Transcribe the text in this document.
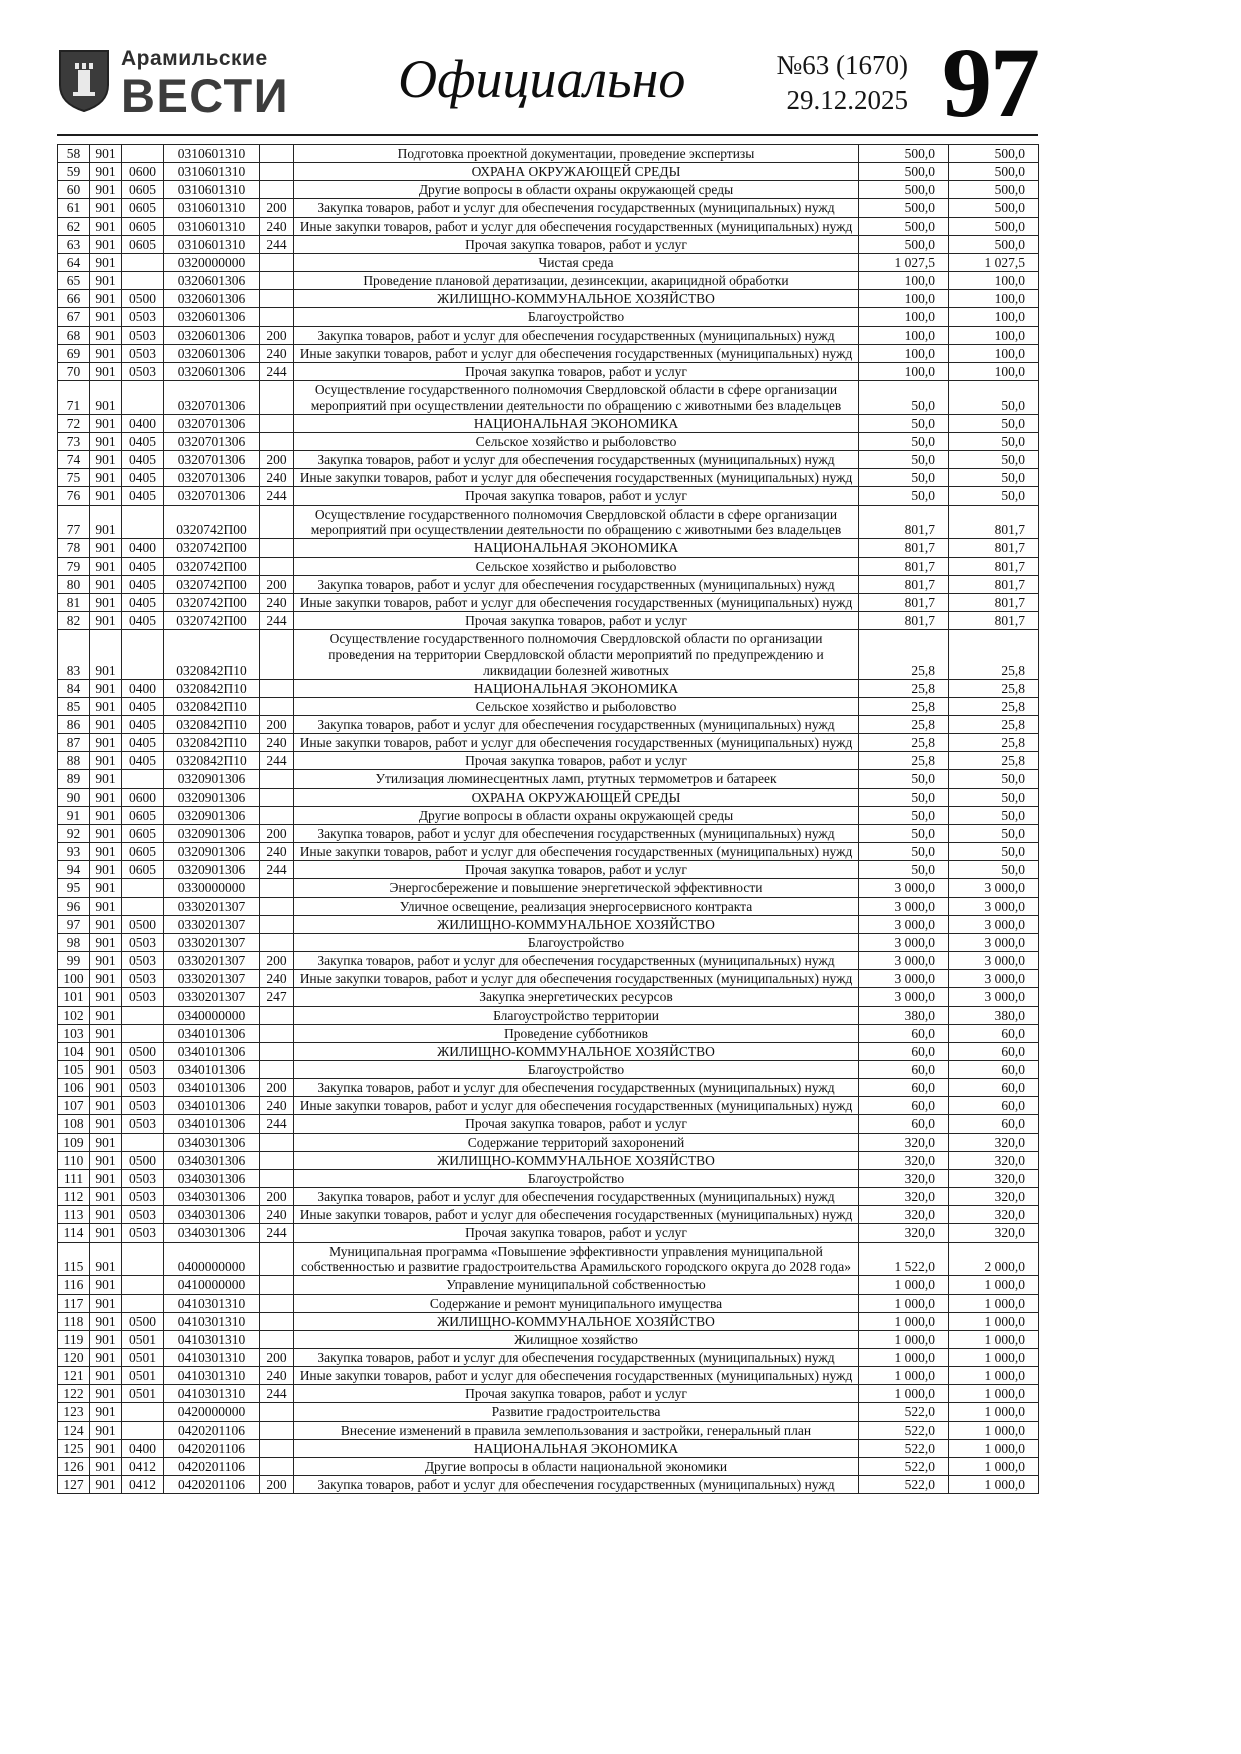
Арамильские
ВЕСТИ	Официально	№63 (1670)
29.12.2025 97
58	901		0310601310		Подготовка проектной документации, проведение экспертизы	500,0	500,0
59	901	0600	0310601310		ОХРАНА ОКРУЖАЮЩЕЙ СРЕДЫ	500,0	500,0
60	901	0605	0310601310		Другие вопросы в области охраны окружающей среды	500,0	500,0
61	901	0605	0310601310	200	Закупка товаров, работ и услуг для обеспечения государственных (муниципальных) нужд	500,0	500,0
62	901	0605	0310601310	240	Иные закупки товаров, работ и услуг для обеспечения государственных (муниципальных) нужд	500,0	500,0
63	901	0605	0310601310	244	Прочая закупка товаров, работ и услуг	500,0	500,0
64	901		0320000000		Чистая среда	1 027,5	1 027,5
65	901		0320601306		Проведение плановой дератизации, дезинсекции, акарицидной обработки	100,0	100,0
66	901	0500	0320601306		ЖИЛИЩНО-КОММУНАЛЬНОЕ ХОЗЯЙСТВО	100,0	100,0
67	901	0503	0320601306		Благоустройство	100,0	100,0
68	901	0503	0320601306	200	Закупка товаров, работ и услуг для обеспечения государственных (муниципальных) нужд	100,0	100,0
69	901	0503	0320601306	240	Иные закупки товаров, работ и услуг для обеспечения государственных (муниципальных) нужд	100,0	100,0
70	901	0503	0320601306	244	Прочая закупка товаров, работ и услуг	100,0	100,0
71	901		0320701306		Осуществление государственного полномочия Свердловской области в сфере организации мероприятий при осуществлении деятельности по обращению с животными без владельцев	50,0	50,0
72	901	0400	0320701306		НАЦИОНАЛЬНАЯ ЭКОНОМИКА	50,0	50,0
73	901	0405	0320701306		Сельское хозяйство и рыболовство	50,0	50,0
74	901	0405	0320701306	200	Закупка товаров, работ и услуг для обеспечения государственных (муниципальных) нужд	50,0	50,0
75	901	0405	0320701306	240	Иные закупки товаров, работ и услуг для обеспечения государственных (муниципальных) нужд	50,0	50,0
76	901	0405	0320701306	244	Прочая закупка товаров, работ и услуг	50,0	50,0
77	901		0320742П00		Осуществление государственного полномочия Свердловской области в сфере организации мероприятий при осуществлении деятельности по обращению с животными без владельцев	801,7	801,7
78	901	0400	0320742П00		НАЦИОНАЛЬНАЯ ЭКОНОМИКА	801,7	801,7
79	901	0405	0320742П00		Сельское хозяйство и рыболовство	801,7	801,7
80	901	0405	0320742П00	200	Закупка товаров, работ и услуг для обеспечения государственных (муниципальных) нужд	801,7	801,7
81	901	0405	0320742П00	240	Иные закупки товаров, работ и услуг для обеспечения государственных (муниципальных) нужд	801,7	801,7
82	901	0405	0320742П00	244	Прочая закупка товаров, работ и услуг	801,7	801,7
83	901		0320842П10		Осуществление государственного полномочия Свердловской области по организации проведения на территории Свердловской области мероприятий по предупреждению и ликвидации болезней животных	25,8	25,8
84	901	0400	0320842П10		НАЦИОНАЛЬНАЯ ЭКОНОМИКА	25,8	25,8
85	901	0405	0320842П10		Сельское хозяйство и рыболовство	25,8	25,8
86	901	0405	0320842П10	200	Закупка товаров, работ и услуг для обеспечения государственных (муниципальных) нужд	25,8	25,8
87	901	0405	0320842П10	240	Иные закупки товаров, работ и услуг для обеспечения государственных (муниципальных) нужд	25,8	25,8
88	901	0405	0320842П10	244	Прочая закупка товаров, работ и услуг	25,8	25,8
89	901		0320901306		Утилизация люминесцентных ламп, ртутных термометров и батареек	50,0	50,0
90	901	0600	0320901306		ОХРАНА ОКРУЖАЮЩЕЙ СРЕДЫ	50,0	50,0
91	901	0605	0320901306		Другие вопросы в области охраны окружающей среды	50,0	50,0
92	901	0605	0320901306	200	Закупка товаров, работ и услуг для обеспечения государственных (муниципальных) нужд	50,0	50,0
93	901	0605	0320901306	240	Иные закупки товаров, работ и услуг для обеспечения государственных (муниципальных) нужд	50,0	50,0
94	901	0605	0320901306	244	Прочая закупка товаров, работ и услуг	50,0	50,0
95	901		0330000000		Энергосбережение и повышение энергетической эффективности	3 000,0	3 000,0
96	901		0330201307		Уличное освещение, реализация энергосервисного контракта	3 000,0	3 000,0
97	901	0500	0330201307		ЖИЛИЩНО-КОММУНАЛЬНОЕ ХОЗЯЙСТВО	3 000,0	3 000,0
98	901	0503	0330201307		Благоустройство	3 000,0	3 000,0
99	901	0503	0330201307	200	Закупка товаров, работ и услуг для обеспечения государственных (муниципальных) нужд	3 000,0	3 000,0
100	901	0503	0330201307	240	Иные закупки товаров, работ и услуг для обеспечения государственных (муниципальных) нужд	3 000,0	3 000,0
101	901	0503	0330201307	247	Закупка энергетических ресурсов	3 000,0	3 000,0
102	901		0340000000		Благоустройство территории	380,0	380,0
103	901		0340101306		Проведение субботников	60,0	60,0
104	901	0500	0340101306		ЖИЛИЩНО-КОММУНАЛЬНОЕ ХОЗЯЙСТВО	60,0	60,0
105	901	0503	0340101306		Благоустройство	60,0	60,0
106	901	0503	0340101306	200	Закупка товаров, работ и услуг для обеспечения государственных (муниципальных) нужд	60,0	60,0
107	901	0503	0340101306	240	Иные закупки товаров, работ и услуг для обеспечения государственных (муниципальных) нужд	60,0	60,0
108	901	0503	0340101306	244	Прочая закупка товаров, работ и услуг	60,0	60,0
109	901		0340301306		Содержание территорий захоронений	320,0	320,0
110	901	0500	0340301306		ЖИЛИЩНО-КОММУНАЛЬНОЕ ХОЗЯЙСТВО	320,0	320,0
111	901	0503	0340301306		Благоустройство	320,0	320,0
112	901	0503	0340301306	200	Закупка товаров, работ и услуг для обеспечения государственных (муниципальных) нужд	320,0	320,0
113	901	0503	0340301306	240	Иные закупки товаров, работ и услуг для обеспечения государственных (муниципальных) нужд	320,0	320,0
114	901	0503	0340301306	244	Прочая закупка товаров, работ и услуг	320,0	320,0
115	901		0400000000		Муниципальная программа «Повышение эффективности управления муниципальной собственностью и развитие градостроительства Арамильского городского округа до 2028 года»	1 522,0	2 000,0
116	901		0410000000		Управление муниципальной собственностью	1 000,0	1 000,0
117	901		0410301310		Содержание и ремонт муниципального имущества	1 000,0	1 000,0
118	901	0500	0410301310		ЖИЛИЩНО-КОММУНАЛЬНОЕ ХОЗЯЙСТВО	1 000,0	1 000,0
119	901	0501	0410301310		Жилищное хозяйство	1 000,0	1 000,0
120	901	0501	0410301310	200	Закупка товаров, работ и услуг для обеспечения государственных (муниципальных) нужд	1 000,0	1 000,0
121	901	0501	0410301310	240	Иные закупки товаров, работ и услуг для обеспечения государственных (муниципальных) нужд	1 000,0	1 000,0
122	901	0501	0410301310	244	Прочая закупка товаров, работ и услуг	1 000,0	1 000,0
123	901		0420000000		Развитие градостроительства	522,0	1 000,0
124	901		0420201106		Внесение изменений в правила землепользования и застройки, генеральный план	522,0	1 000,0
125	901	0400	0420201106		НАЦИОНАЛЬНАЯ ЭКОНОМИКА	522,0	1 000,0
126	901	0412	0420201106		Другие вопросы в области национальной экономики	522,0	1 000,0
127	901	0412	0420201106	200	Закупка товаров, работ и услуг для обеспечения государственных (муниципальных) нужд	522,0	1 000,0
